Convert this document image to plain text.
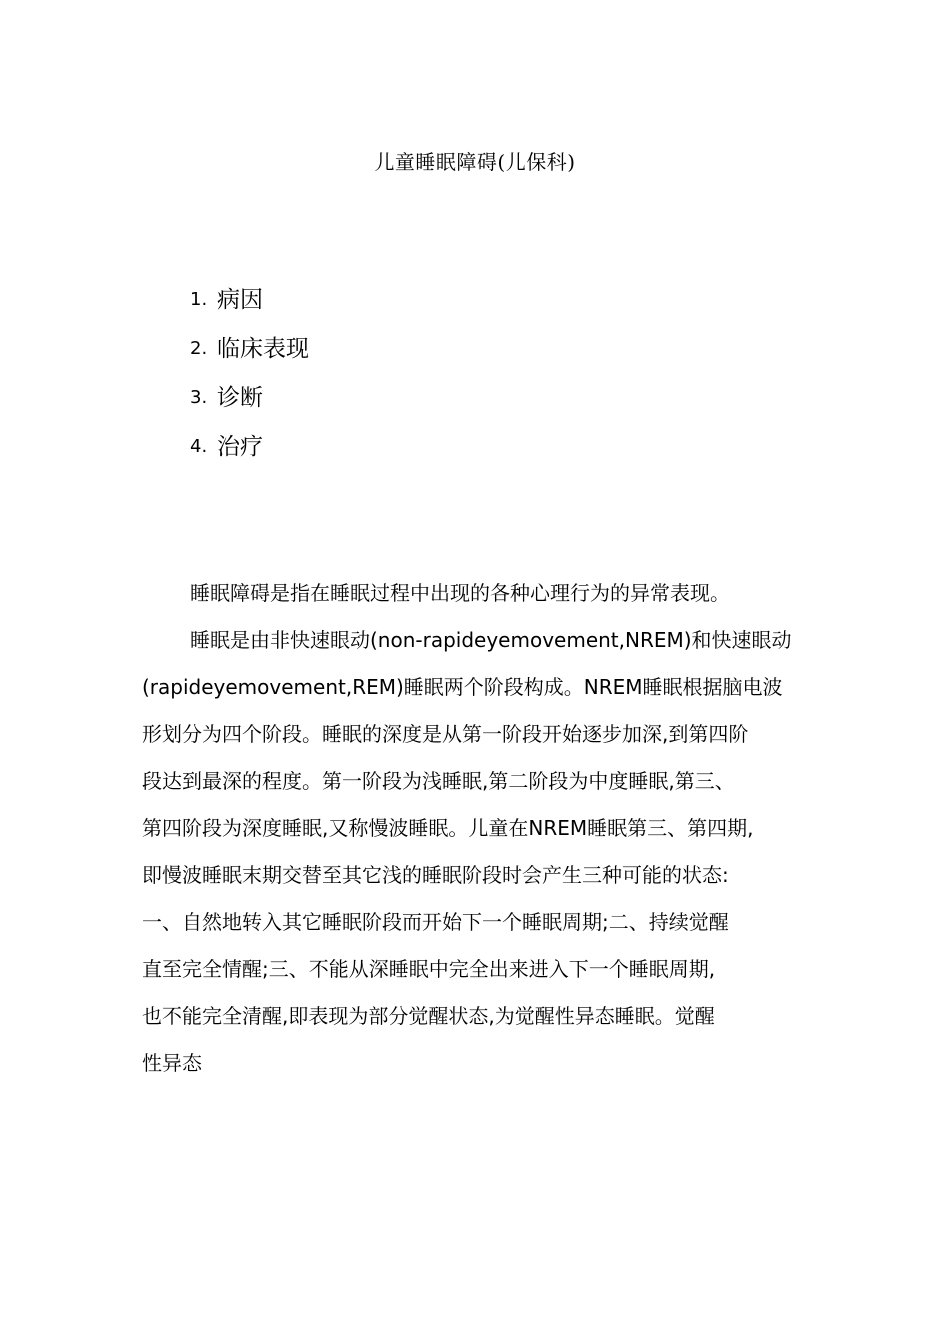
儿童睡眠障碍(儿保科)
1. 病因
2. 临床表现
3. 诊断
4. 治疗

睡眠障碍是指在睡眠过程中出现的各种心理行为的异常表现。

睡眠是由非快速眼动(non-rapideyemovement,NREM)和快速眼动
(rapideyemovement,REM)睡眠两个阶段构成。NREM睡眠根据脑电波
形划分为四个阶段。睡眠的深度是从第一阶段开始逐步加深,到第四阶
段达到最深的程度。第一阶段为浅睡眠,第二阶段为中度睡眠,第三、
第四阶段为深度睡眠,又称慢波睡眠。儿童在NREM睡眠第三、第四期,
即慢波睡眠末期交替至其它浅的睡眠阶段时会产生三种可能的状态:
一、自然地转入其它睡眠阶段而开始下一个睡眠周期;二、持续觉醒
直至完全情醒;三、不能从深睡眠中完全出来进入下一个睡眠周期,
也不能完全清醒,即表现为部分觉醒状态,为觉醒性异态睡眠。觉醒
性异态
